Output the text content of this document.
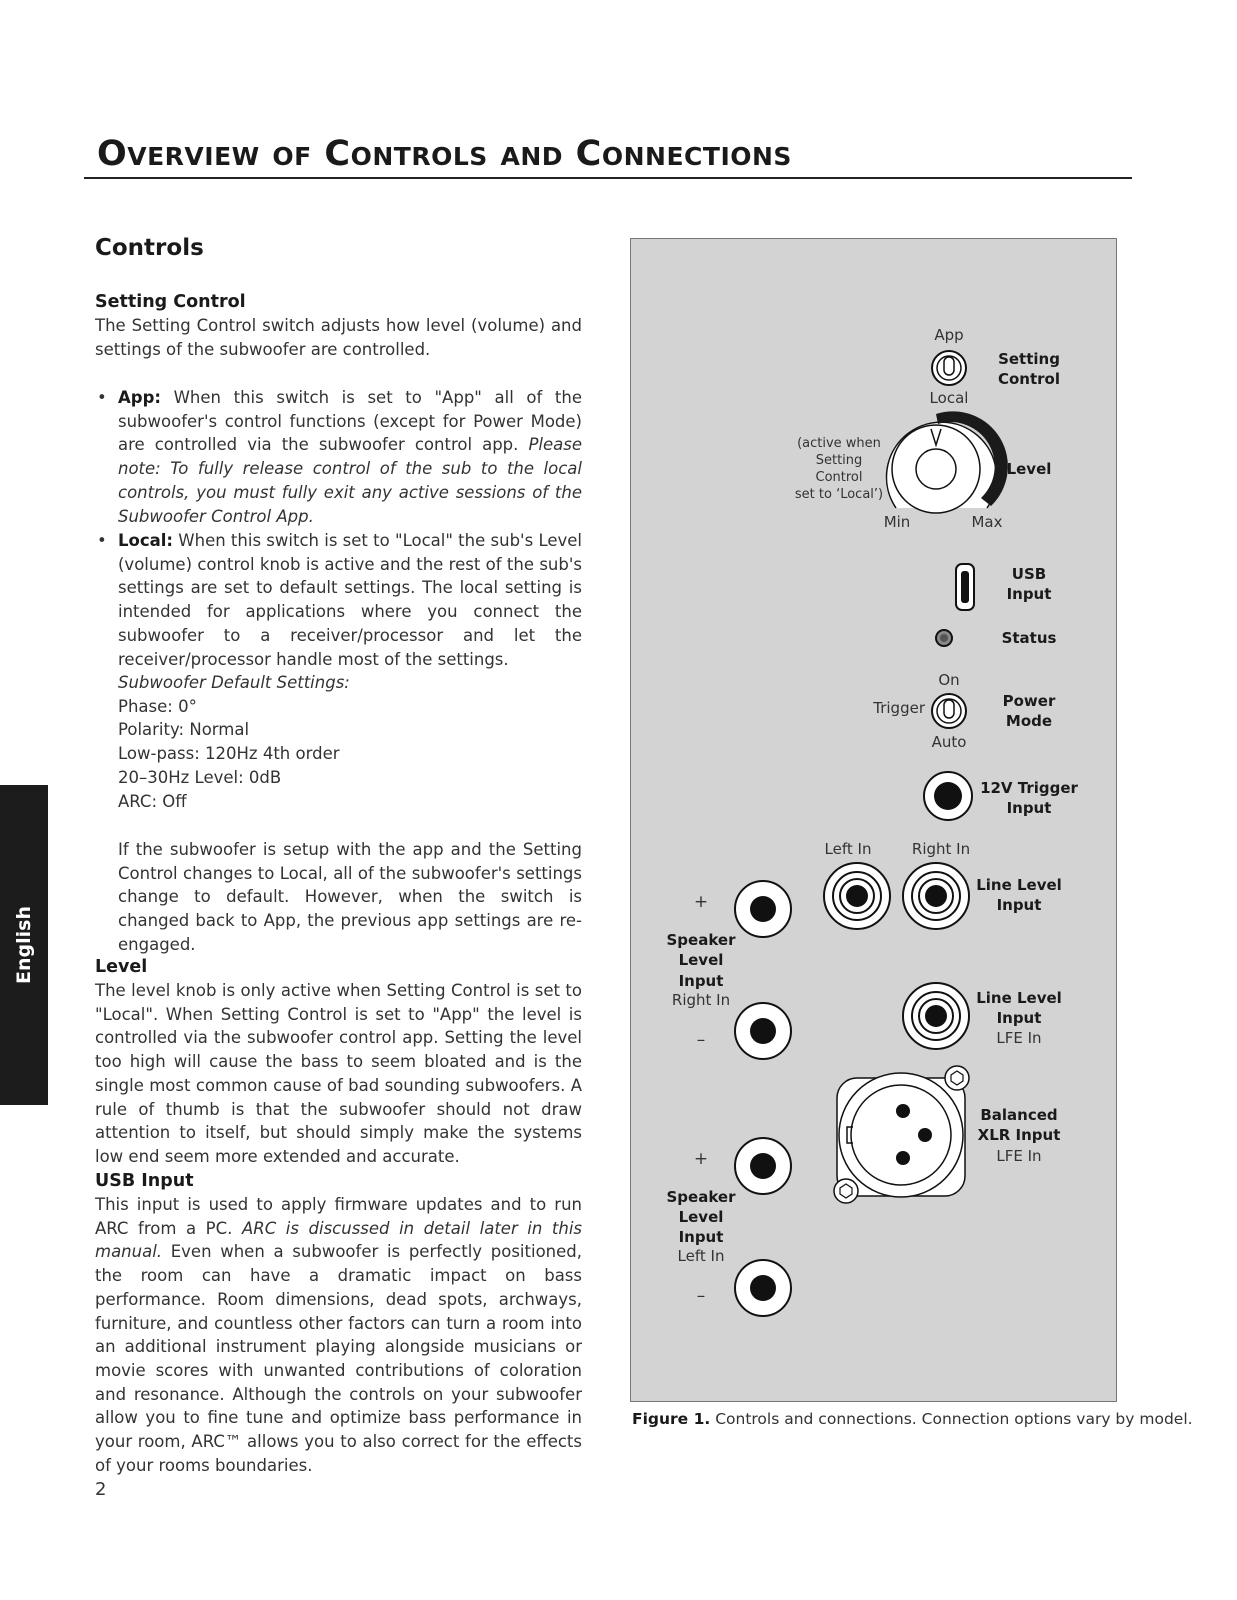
Overview of Controls and Connections
English
Controls
Setting Control

The Setting Control switch adjusts how level (volume) and settings of the subwoofer are controlled.

• App: When this switch is set to "App" all of the subwoofer's control functions (except for Power Mode) are controlled via the subwoofer control app. Please note: To fully release control of the sub to the local controls, you must fully exit any active sessions of the Subwoofer Control App.

• Local: When this switch is set to "Local" the sub's Level (volume) control knob is active and the rest of the sub's settings are set to default settings. The local setting is intended for applications where you connect the subwoofer to a receiver/processor and let the receiver/processor handle most of the settings.

Subwoofer Default Settings:
Phase: 0°
Polarity: Normal
Low-pass: 120Hz 4th order
20–30Hz Level: 0dB
ARC: Off

If the subwoofer is setup with the app and the Setting Control changes to Local, all of the subwoofer's settings change to default. However, when the switch is changed back to App, the previous app settings are re-engaged.

Level

The level knob is only active when Setting Control is set to "Local". When Setting Control is set to "App" the level is controlled via the subwoofer control app. Setting the level too high will cause the bass to seem bloated and is the single most common cause of bad sounding subwoofers. A rule of thumb is that the subwoofer should not draw attention to itself, but should simply make the systems low end seem more extended and accurate.

USB Input

This input is used to apply firmware updates and to run ARC from a PC. ARC is discussed in detail later in this manual. Even when a subwoofer is perfectly positioned, the room can have a dramatic impact on bass performance. Room dimensions, dead spots, archways, furniture, and countless other factors can turn a room into an additional instrument playing alongside musicians or movie scores with unwanted contributions of coloration and resonance. Although the controls on your subwoofer allow you to fine tune and optimize bass performance in your room, ARC™ allows you to also correct for the effects of your rooms boundaries.

2
App
Local
Setting
Control
(active when
Setting
Control
set to ‘Local’)
Level
Min	Max
USB
Input
Status
On
Trigger
Auto
Power
Mode
12V Trigger
Input
Left In	Right In
Line Level
Input
Line Level
Input
LFE In
Balanced
XLR Input
LFE In
+
–
Speaker
Level
Input
Right In
+
–
Speaker
Level
Input
Left In
Figure 1. Controls and connections. Connection options vary by model.
